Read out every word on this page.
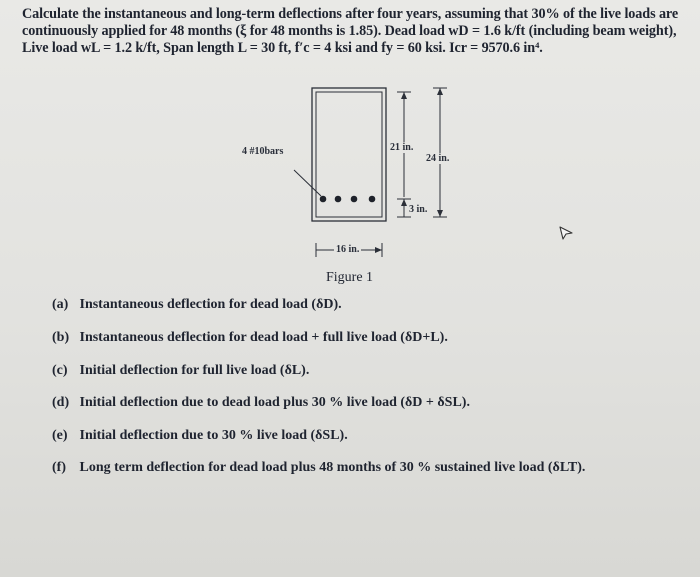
Calculate the instantaneous and long-term deflections after four years, assuming that 30% of the live loads are
continuously applied for 48 months (ξ for 48 months is 1.85). Dead load wD = 1.6 k/ft (including beam weight),
Live load wL = 1.2 k/ft, Span length L = 30 ft, f′c = 4 ksi and fy = 60 ksi. Icr = 9570.6 in⁴.
4 #10bars	21 in.
24 in.
3 in.
16 in.
Figure 1
(a) Instantaneous deflection for dead load (δD).
(b) Instantaneous deflection for dead load + full live load (δD+L).
(c) Initial deflection for full live load (δL).
(d) Initial deflection due to dead load plus 30 % live load (δD + δSL).
(e) Initial deflection due to 30 % live load (δSL).
(f) Long term deflection for dead load plus 48 months of 30 % sustained live load (δLT).
